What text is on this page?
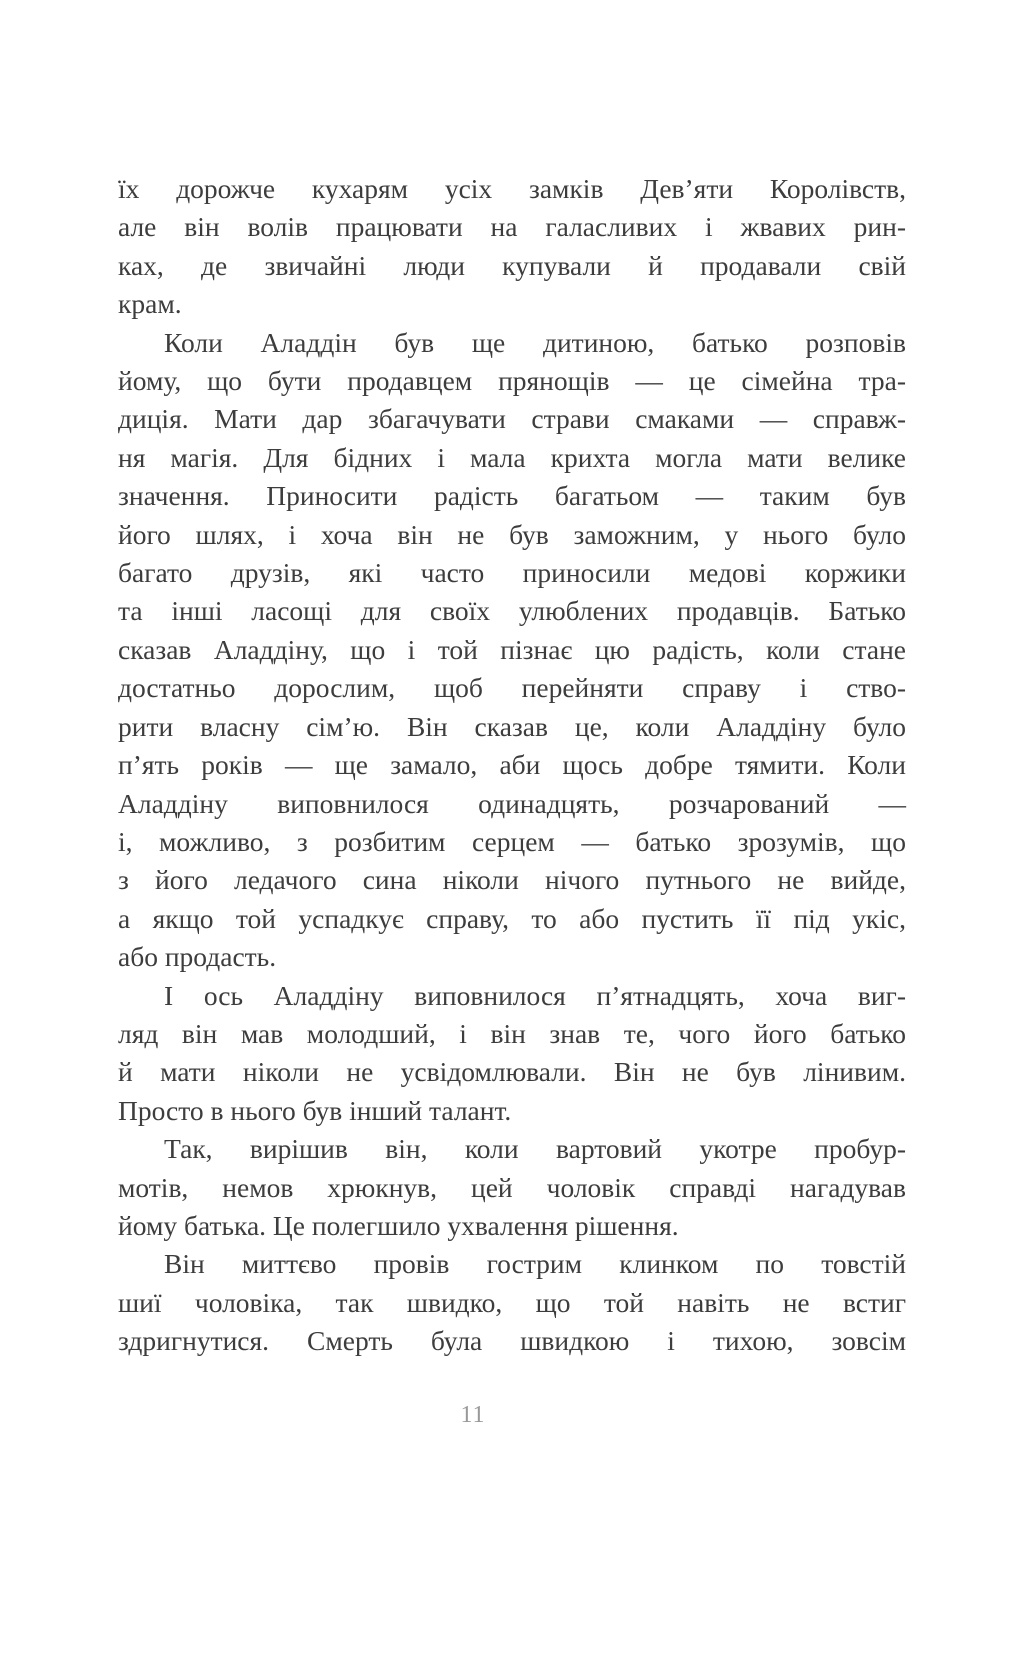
їх дорожче кухарям усіх замків Дев’яти Королівств,
але він волів працювати на галасливих і жвавих рин-
ках, де звичайні люди купували й продавали свій
крам.
Коли Аладдін був ще дитиною, батько розповів
йому, що бути продавцем прянощів — це сімейна тра-
диція. Мати дар збагачувати страви смаками — справж-
ня магія. Для бідних і мала крихта могла мати велике
значення. Приносити радість багатьом — таким був
його шлях, і хоча він не був заможним, у нього було
багато друзів, які часто приносили медові коржики
та інші ласощі для своїх улюблених продавців. Батько
сказав Аладдіну, що і той пізнає цю радість, коли стане
достатньо дорослим, щоб перейняти справу і ство-
рити власну сім’ю. Він сказав це, коли Аладдіну було
п’ять років — ще замало, аби щось добре тямити. Коли
Аладдіну виповнилося одинадцять, розчарований —
і, можливо, з розбитим серцем — батько зрозумів, що
з його ледачого сина ніколи нічого путнього не вийде,
а якщо той успадкує справу, то або пустить її під укіс,
або продасть.
І ось Аладдіну виповнилося п’ятнадцять, хоча виг-
ляд він мав молодший, і він знав те, чого його батько
й мати ніколи не усвідомлювали. Він не був лінивим.
Просто в нього був інший талант.
Так, вирішив він, коли вартовий укотре пробур-
мотів, немов хрюкнув, цей чоловік справді нагадував
йому батька. Це полегшило ухвалення рішення.
Він миттєво провів гострим клинком по товстій
шиї чоловіка, так швидко, що той навіть не встиг
здригнутися. Смерть була швидкою і тихою, зовсім
11
